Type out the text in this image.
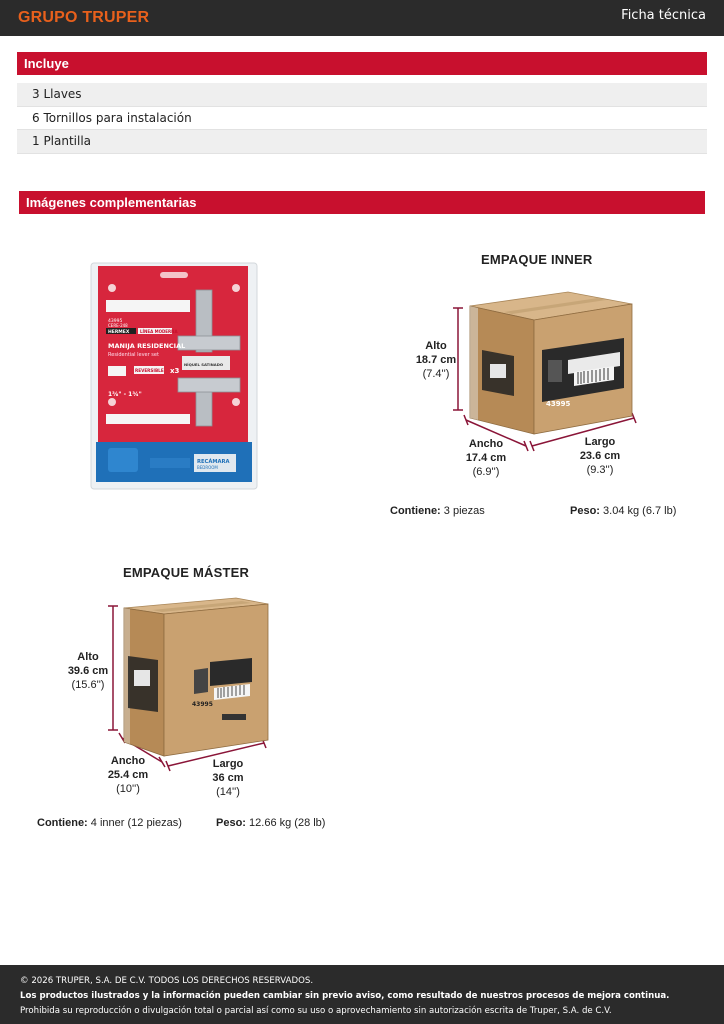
GRUPO TRUPER	Ficha técnica
Incluye
3 Llaves
6 Tornillos para instalación
1 Plantilla
Imágenes complementarias
HERMEX	LÍNEA MODERNA
43995
CERE-248
MANIJA RESIDENCIAL
Residential lever set
REVERSIBLE x3
1⅜" - 1¾"
NÍQUEL SATINADO
RECÁMARA
BEDROOM
EMPAQUE INNER
43995
Alto
18.7 cm
(7.4'')
Ancho
17.4 cm
(6.9'')
Largo
23.6 cm
(9.3'')
Contiene: 3 piezas	Peso: 3.04 kg (6.7 lb)
EMPAQUE MÁSTER
43995
Alto
39.6 cm
(15.6'')
Ancho
25.4 cm
(10'')
Largo
36 cm
(14'')
Contiene: 4 inner (12 piezas)	Peso: 12.66 kg (28 lb)
© 2026 TRUPER, S.A. DE C.V. TODOS LOS DERECHOS RESERVADOS.
Los productos ilustrados y la información pueden cambiar sin previo aviso, como resultado de nuestros procesos de mejora continua.
Prohibida su reproducción o divulgación total o parcial así como su uso o aprovechamiento sin autorización escrita de Truper, S.A. de C.V.
